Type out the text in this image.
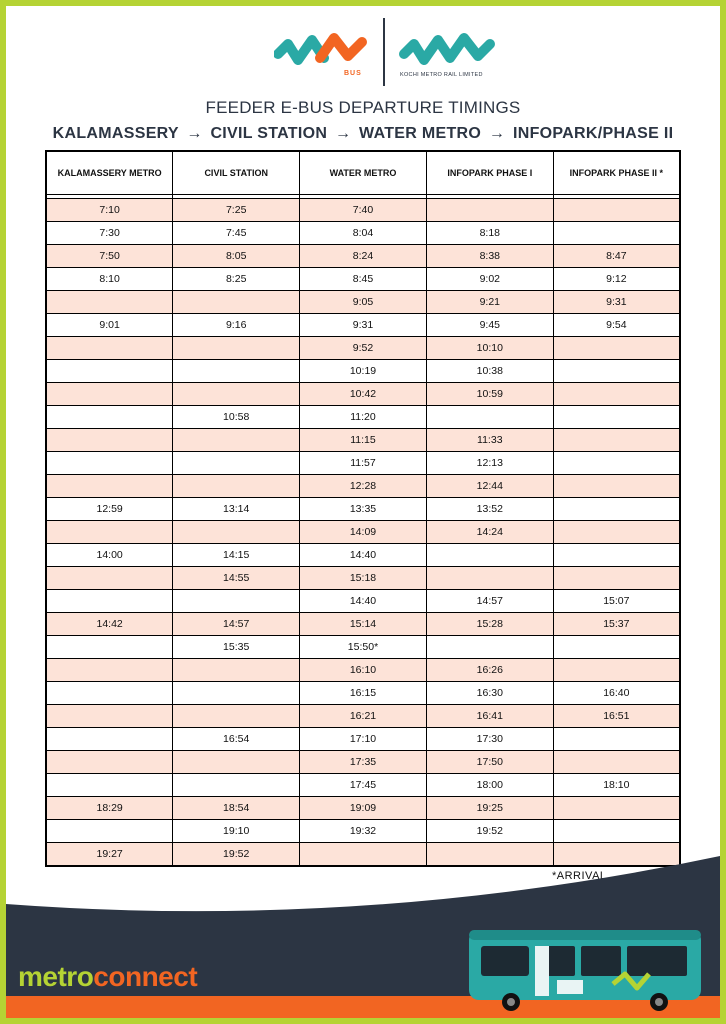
BUS	KOCHI METRO RAIL LIMITED
FEEDER E-BUS DEPARTURE TIMINGS
KALAMASSERY → CIVIL STATION → WATER METRO → INFOPARK/PHASE II
KALAMASSERY METRO	CIVIL STATION	WATER METRO	INFOPARK PHASE I	INFOPARK PHASE II *

7:10	7:25	7:40		
7:30	7:45	8:04	8:18	
7:50	8:05	8:24	8:38	8:47
8:10	8:25	8:45	9:02	9:12
		9:05	9:21	9:31
9:01	9:16	9:31	9:45	9:54
		9:52	10:10	
		10:19	10:38	
		10:42	10:59	
	10:58	11:20		
		11:15	11:33	
		11:57	12:13	
		12:28	12:44	
12:59	13:14	13:35	13:52	
		14:09	14:24	
14:00	14:15	14:40		
	14:55	15:18		
		14:40	14:57	15:07
14:42	14:57	15:14	15:28	15:37
	15:35	15:50*		
		16:10	16:26	
		16:15	16:30	16:40
		16:21	16:41	16:51
	16:54	17:10	17:30	
		17:35	17:50	
		17:45	18:00	18:10
18:29	18:54	19:09	19:25	
	19:10	19:32	19:52	
19:27	19:52			
*ARRIVAL
metroconnect
